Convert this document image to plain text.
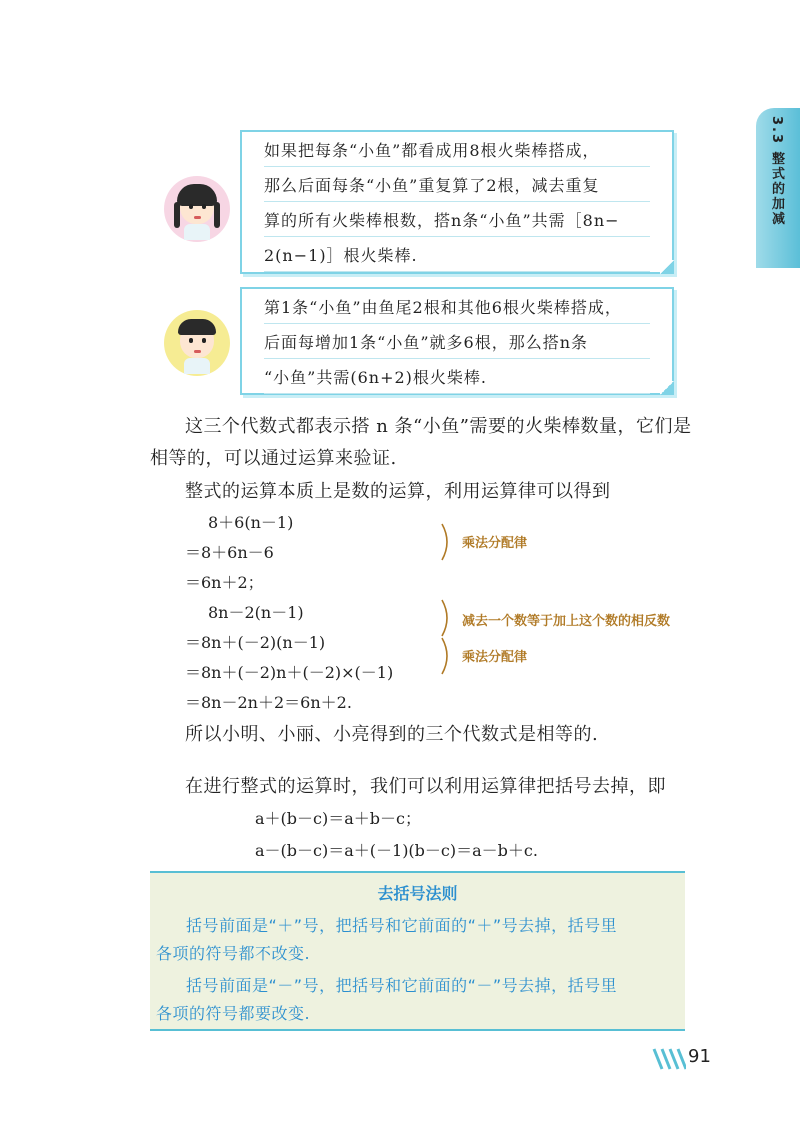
3.3 整式的加减
如果把每条“小鱼”都看成用8根火柴棒搭成，
那么后面每条“小鱼”重复算了2根，减去重复
算的所有火柴棒根数，搭n条“小鱼”共需［8n−
2(n−1)］根火柴棒.
第1条“小鱼”由鱼尾2根和其他6根火柴棒搭成，
后面每增加1条“小鱼”就多6根，那么搭n条
“小鱼”共需(6n+2)根火柴棒.
这三个代数式都表示搭 n 条“小鱼”需要的火柴棒数量，它们是
相等的，可以通过运算来验证.
整式的运算本质上是数的运算，利用运算律可以得到
8＋6(n－1)
＝8＋6n－6
＝6n＋2；
乘法分配律
8n－2(n－1)
＝8n＋(－2)(n－1)
＝8n＋(－2)n＋(－2)×(－1)
＝8n－2n＋2＝6n＋2.
减去一个数等于加上这个数的相反数
乘法分配律
所以小明、小丽、小亮得到的三个代数式是相等的.
在进行整式的运算时，我们可以利用运算律把括号去掉，即
a＋(b－c)＝a＋b－c；
a－(b－c)＝a＋(－1)(b－c)＝a－b＋c.
去括号法则
括号前面是“＋”号，把括号和它前面的“＋”号去掉，括号里
各项的符号都不改变.
括号前面是“－”号，把括号和它前面的“－”号去掉，括号里
各项的符号都要改变.
91
